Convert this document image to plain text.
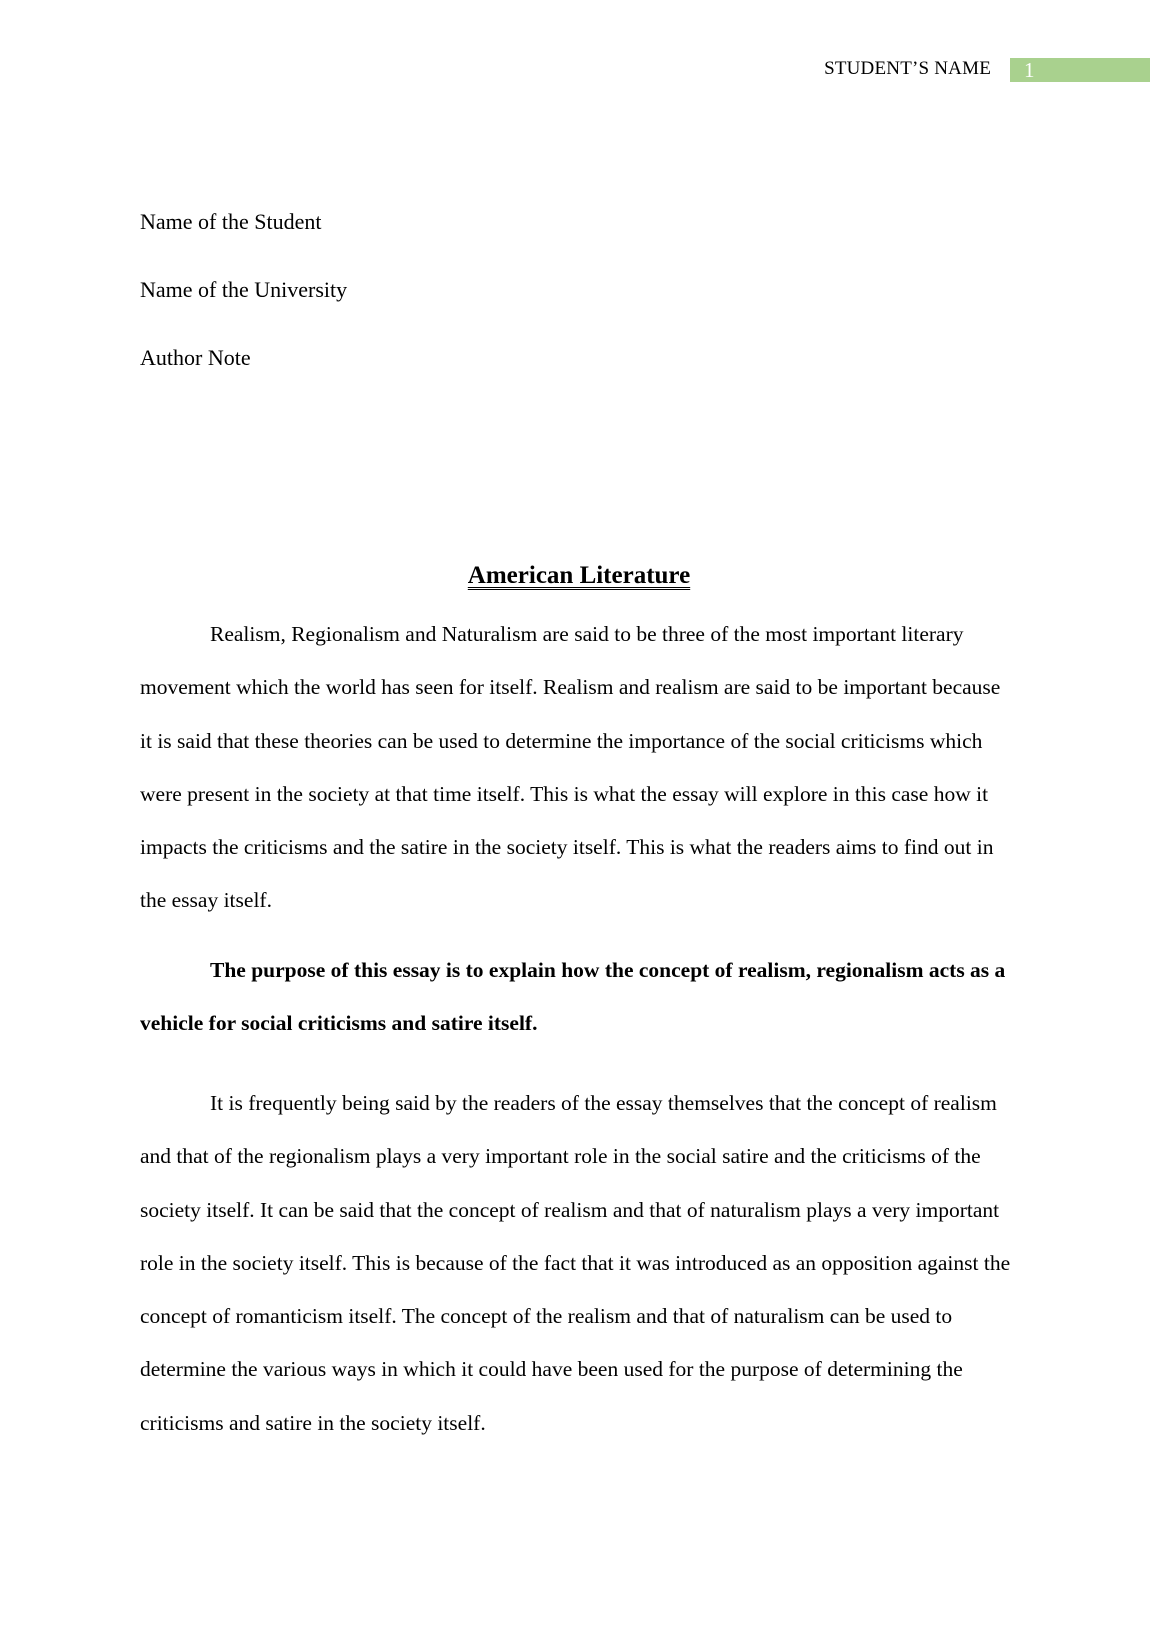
STUDENT’S NAME	1
Name of the Student
Name of the University
Author Note
American Literature

Realism, Regionalism and Naturalism are said to be three of the most important literary movement which the world has seen for itself. Realism and realism are said to be important because it is said that these theories can be used to determine the importance of the social criticisms which were present in the society at that time itself. This is what the essay will explore in this case how it impacts the criticisms and the satire in the society itself. This is what the readers aims to find out in the essay itself.

The purpose of this essay is to explain how the concept of realism, regionalism acts as a vehicle for social criticisms and satire itself.

It is frequently being said by the readers of the essay themselves that the concept of realism and that of the regionalism plays a very important role in the social satire and the criticisms of the society itself. It can be said that the concept of realism and that of naturalism plays a very important role in the society itself. This is because of the fact that it was introduced as an opposition against the concept of romanticism itself. The concept of the realism and that of naturalism can be used to determine the various ways in which it could have been used for the purpose of determining the criticisms and satire in the society itself.
